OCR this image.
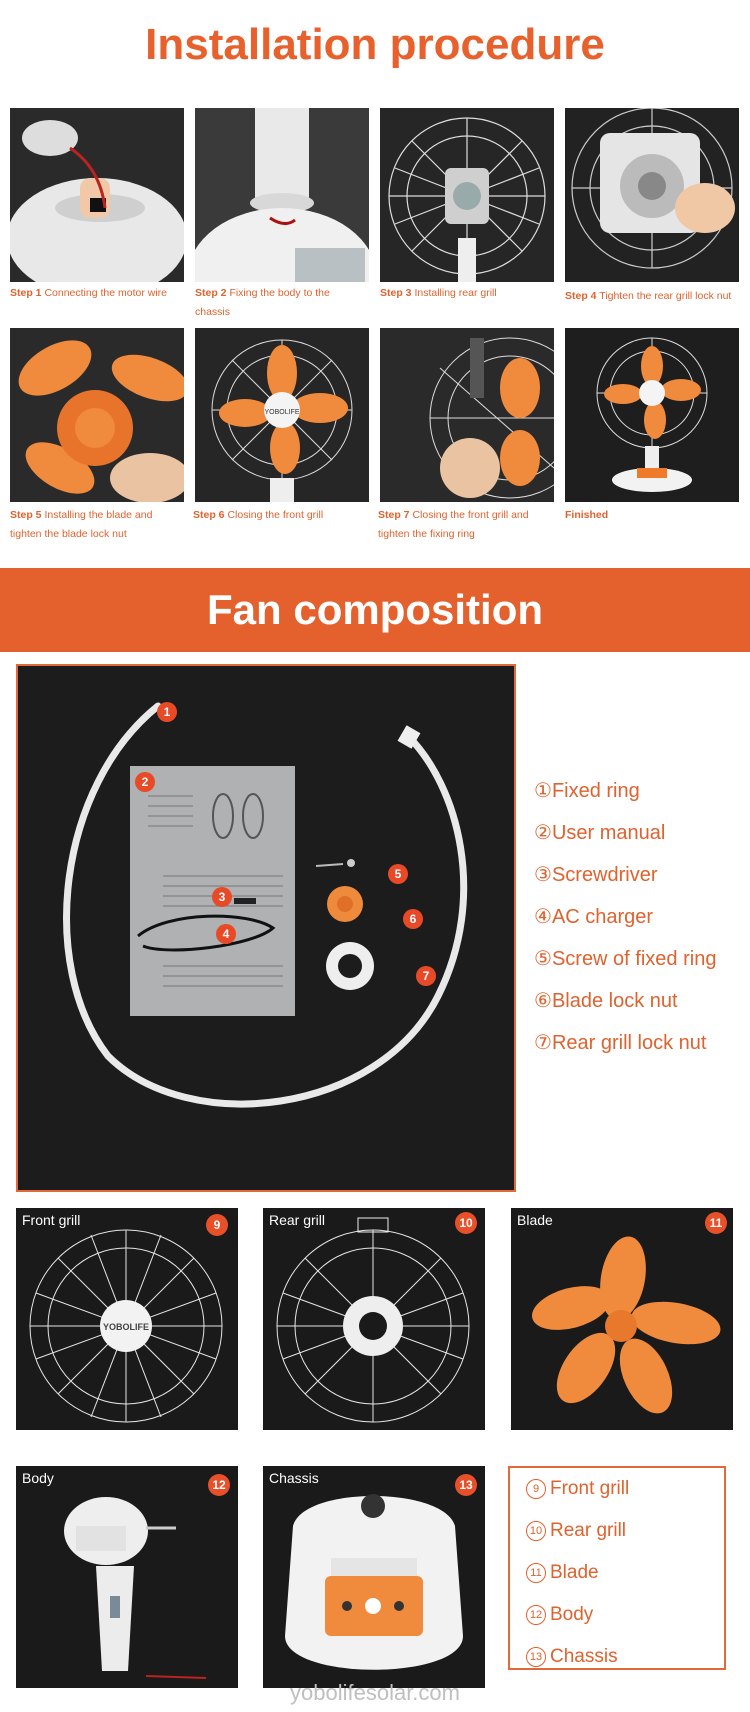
Installation procedure
Step 1 Connecting the motor wire	Step 2 Fixing the body to the chassis
Step 3 Installing rear grill	Step 4 Tighten the rear grill lock nut
YOBOLIFE
Step 5 Installing the blade and tighten the blade lock nut
Step 6 Closing the front grill	Step 7 Closing the front grill and tighten the fixing ring
Finished
Fan composition
1
2
3
4
5
6
7
①Fixed ring
②User manual
③Screwdriver
④AC charger
⑤Screw of fixed ring
⑥Blade lock nut
⑦Rear grill lock nut
YOBOLIFE
Front grill	9	Rear grill	10	Blade	11
Body	12	Chassis	13	9 Front grill
10 Rear grill
11 Blade
12 Body
13 Chassis
yobolifesolar.com
